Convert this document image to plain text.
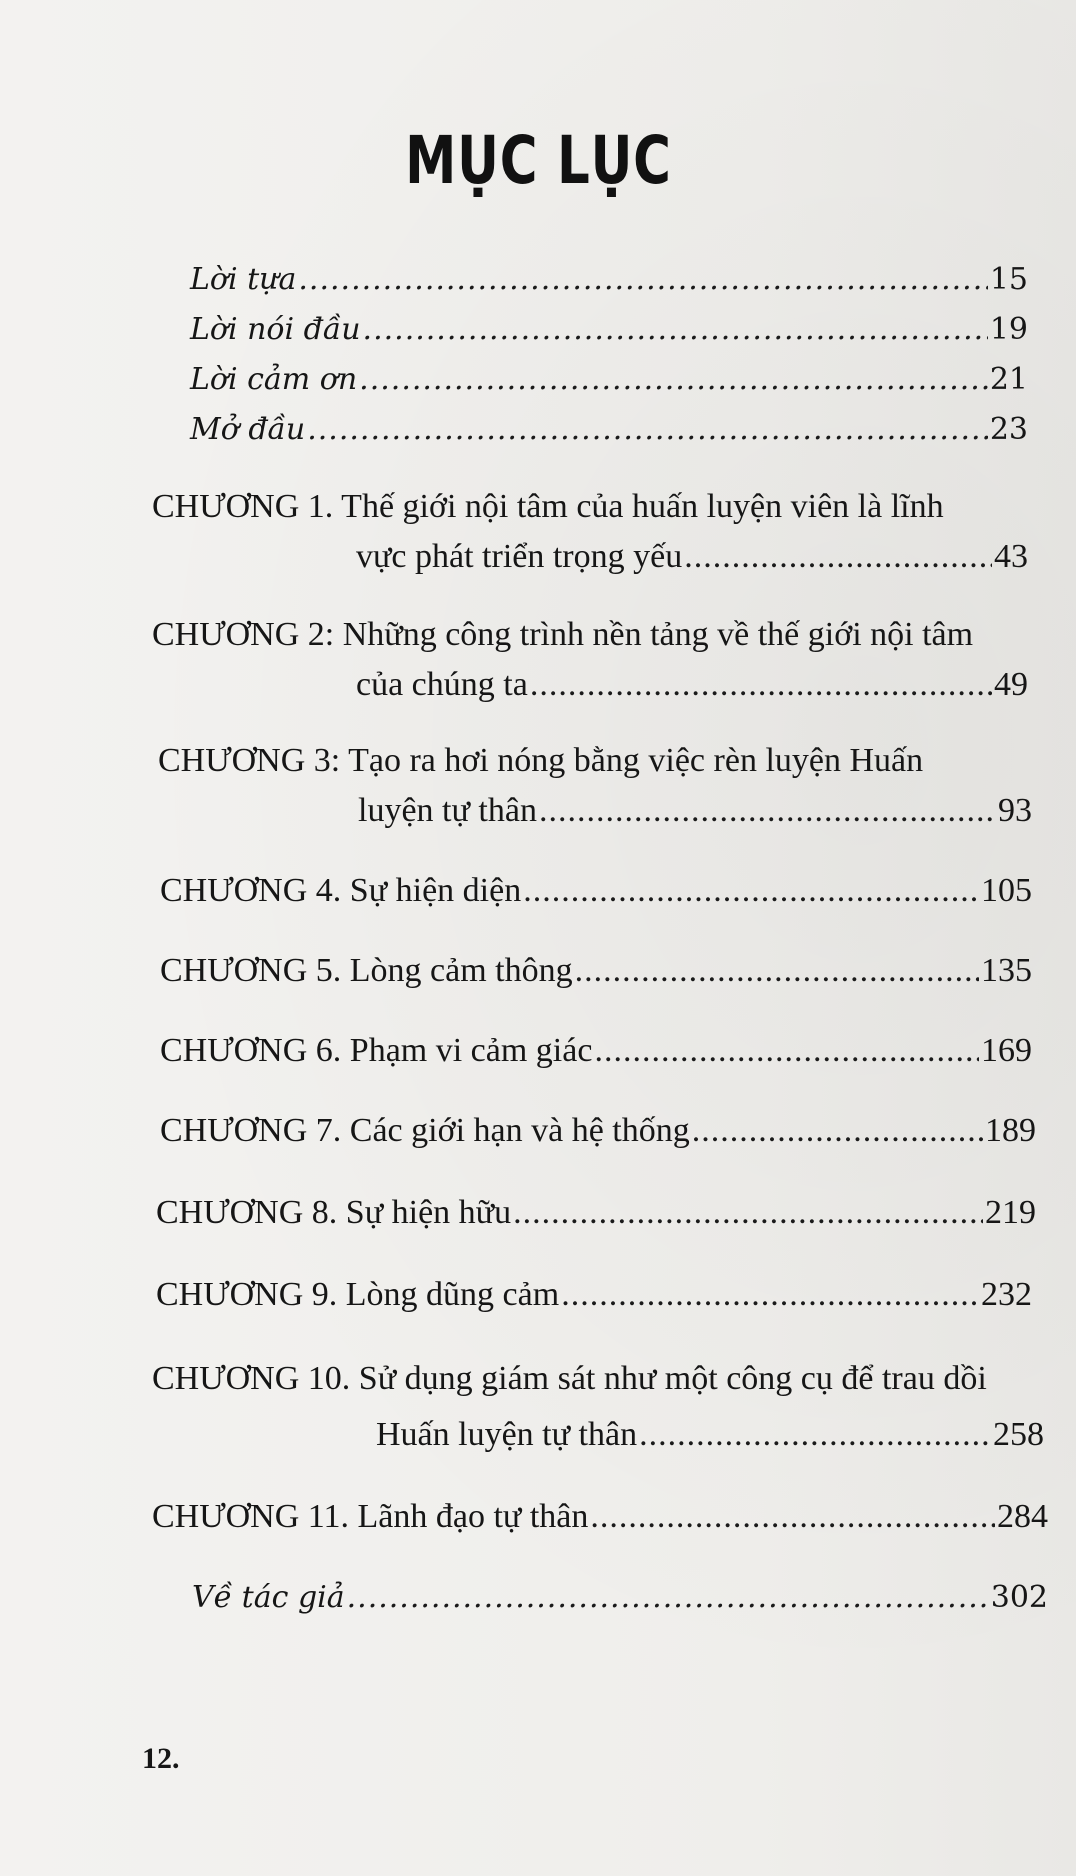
MỤC LỤC
Lời tựa .....	15
Lời nói đầu .....	19
Lời cảm ơn .....	21
Mở đầu .....	23
CHƯƠNG 1. Thế giới nội tâm của huấn luyện viên là lĩnh
vực phát triển trọng yếu .....	43
CHƯƠNG 2: Những công trình nền tảng về thế giới nội tâm
của chúng ta .....	49
CHƯƠNG 3: Tạo ra hơi nóng bằng việc rèn luyện Huấn
luyện tự thân .....	93
CHƯƠNG 4. Sự hiện diện .....	105
CHƯƠNG 5. Lòng cảm thông .....	135
CHƯƠNG 6. Phạm vi cảm giác .....	169
CHƯƠNG 7. Các giới hạn và hệ thống .....	189
CHƯƠNG 8. Sự hiện hữu .....	219
CHƯƠNG 9. Lòng dũng cảm .....	232
CHƯƠNG 10. Sử dụng giám sát như một công cụ để trau dồi
Huấn luyện tự thân .....	258
CHƯƠNG 11. Lãnh đạo tự thân .....	284
Về tác giả .....	302
12.
